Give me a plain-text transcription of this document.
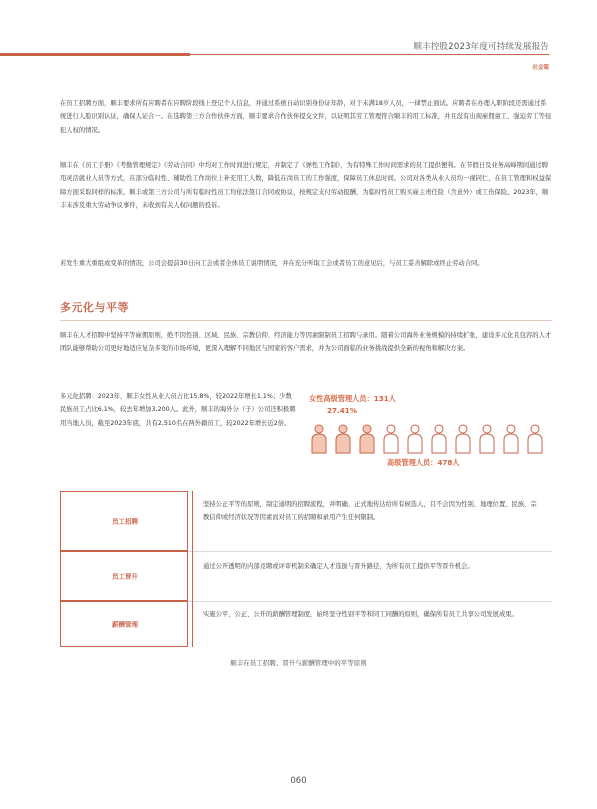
顺丰控股2023年度可持续发展报告
社会篇
在员工招聘方面，顺丰要求所有应聘者在应聘阶段线上登记个人信息，并通过系统自动识别身份证年龄，对于未满18岁人员，一律禁止面试。应聘者在办理入职阶段还需通过系统进行人脸识别认证，确保人证合一。在选聘第三方合作伙伴方面，顺丰要求合作伙伴提交文件，以证明其劳工管理符合顺丰的用工标准，并且没有出现雇佣童工、强迫劳工等侵犯人权的情况。
顺丰在《员工手册》《考勤管理规定》《劳动合同》中均对工作时间进行规定，并制定了《弹性工作制》，为有特殊工作时间需求的员工提供便利。在节假日及业务高峰期间通过聘用灵活就业人员等方式，在部分临时性、辅助性工作岗位上补充用工人数，降低在岗员工的工作强度，保障员工休息时间。公司对各类从业人员均一视同仁，在员工管理和权益保障方面采取同样的标准。顺丰或第三方公司与所有临时性员工均依法签订合同或协议，按规定支付劳动报酬，为临时性员工购买雇主责任险（含意外）或工伤保险。2023年，顺丰未涉及重大劳动争议事件，未收到有关人权问题的投诉。
若发生重大重组或变革的情况，公司会提前30日向工会或者全体员工说明情况，并在充分听取工会或者员工的意见后，与员工妥善解除或终止劳动合同。
多元化与平等
顺丰在人才招聘中坚持平等雇佣原则，绝不因性别、区域、民族、宗教信仰、经济能力等因素限制员工招聘与录用。随着公司海外业务规模的持续扩张，建设多元化且包容的人才团队能够帮助公司更好地适应复杂多变的市场环境，更深入理解不同地区与国家的客户需求，并为公司面临的业务挑战提供全新的视角和解决方案。
多元化招聘：2023年，顺丰女性从业人员占比15.8%，较2022年增长1.1%；少数民族员工占比6.1%，较去年增加3,200人。此外，顺丰的海外分（子）公司还积极聘用当地人员，截至2023年底，共有2,510名在两外籍员工，较2022年增长近2倍。
女性高级管理人员：131人
27.41%
高级管理人员：478人
员工招聘
坚持公正平等的原则，制定通明的招聘流程，并明确、正式地传达给所有候选人，且不会因为性别、地理位置、民族、宗教信仰或经济状况等因素而对员工的招聘和录用产生任何限制。
员工晋升
通过公开透明的内部竞聘或评审机制来确定人才选拔与晋升路径，为所有员工提供平等晋升机会。
薪酬管理
实施公平、公正、公开的薪酬管理制度，始终坚守性别平等和同工同酬的原则，确保所有员工共享公司发展成果。
顺丰在员工招聘、晋升与薪酬管理中的平等原则
060
